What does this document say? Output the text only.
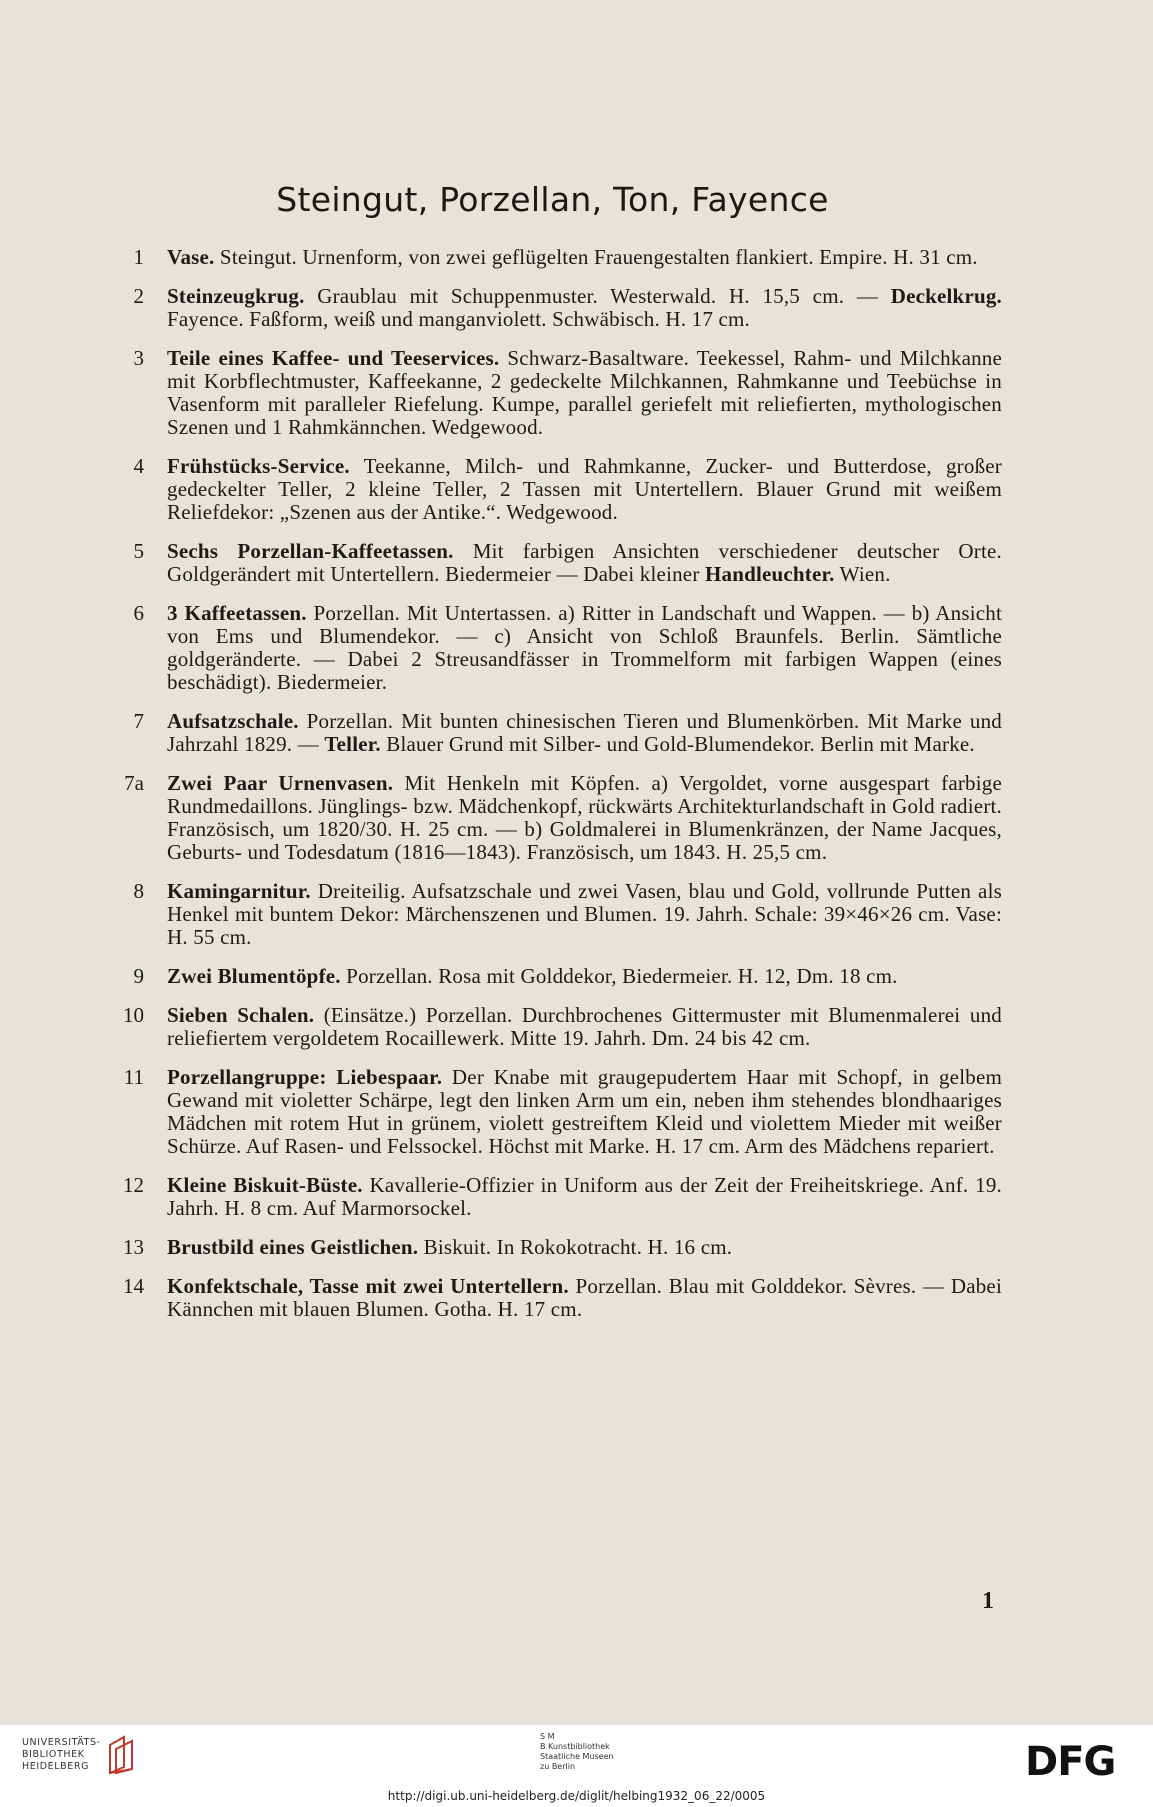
Steingut, Porzellan, Ton, Fayence
1 Vase. Steingut. Urnenform, von zwei geflügelten Frauengestalten flankiert. Empire. H. 31 cm.
2 Steinzeugkrug. Graublau mit Schuppenmuster. Westerwald. H. 15,5 cm. — Deckelkrug. Fayence. Faßform, weiß und manganviolett. Schwäbisch. H. 17 cm.
3 Teile eines Kaffee- und Teeservices. Schwarz-Basaltware. Teekessel, Rahm- und Milchkanne mit Korbflechtmuster, Kaffeekanne, 2 gedeckelte Milchkannen, Rahmkanne und Teebüchse in Vasenform mit paralleler Riefelung. Kumpe, parallel geriefelt mit reliefierten, mythologischen Szenen und 1 Rahmkännchen. Wedgewood.
4 Frühstücks-Service. Teekanne, Milch- und Rahmkanne, Zucker- und Butterdose, großer gedeckelter Teller, 2 kleine Teller, 2 Tassen mit Untertellern. Blauer Grund mit weißem Reliefdekor: „Szenen aus der Antike.“. Wedgewood.
5 Sechs Porzellan-Kaffeetassen. Mit farbigen Ansichten verschiedener deutscher Orte. Goldgerändert mit Untertellern. Biedermeier — Dabei kleiner Handleuchter. Wien.
6 3 Kaffeetassen. Porzellan. Mit Untertassen. a) Ritter in Landschaft und Wappen. — b) Ansicht von Ems und Blumendekor. — c) Ansicht von Schloß Braunfels. Berlin. Sämtliche goldgeränderte. — Dabei 2 Streusandfässer in Trommelform mit farbigen Wappen (eines beschädigt). Biedermeier.
7 Aufsatzschale. Porzellan. Mit bunten chinesischen Tieren und Blumenkörben. Mit Marke und Jahrzahl 1829. — Teller. Blauer Grund mit Silber- und Gold-Blumendekor. Berlin mit Marke.
7a Zwei Paar Urnenvasen. Mit Henkeln mit Köpfen. a) Vergoldet, vorne ausgespart farbige Rundmedaillons. Jünglings- bzw. Mädchenkopf, rückwärts Architekturlandschaft in Gold radiert. Französisch, um 1820/30. H. 25 cm. — b) Goldmalerei in Blumenkränzen, der Name Jacques, Geburts- und Todesdatum (1816—1843). Französisch, um 1843. H. 25,5 cm.
8 Kamingarnitur. Dreiteilig. Aufsatzschale und zwei Vasen, blau und Gold, vollrunde Putten als Henkel mit buntem Dekor: Märchenszenen und Blumen. 19. Jahrh. Schale: 39×46×26 cm. Vase: H. 55 cm.
9 Zwei Blumentöpfe. Porzellan. Rosa mit Golddekor, Biedermeier. H. 12, Dm. 18 cm.
10 Sieben Schalen. (Einsätze.) Porzellan. Durchbrochenes Gittermuster mit Blumenmalerei und reliefiertem vergoldetem Rocaillewerk. Mitte 19. Jahrh. Dm. 24 bis 42 cm.
11 Porzellangruppe: Liebespaar. Der Knabe mit graugepudertem Haar mit Schopf, in gelbem Gewand mit violetter Schärpe, legt den linken Arm um ein, neben ihm stehendes blondhaariges Mädchen mit rotem Hut in grünem, violett gestreiftem Kleid und violettem Mieder mit weißer Schürze. Auf Rasen- und Felssockel. Höchst mit Marke. H. 17 cm. Arm des Mädchens repariert.
12 Kleine Biskuit-Büste. Kavallerie-Offizier in Uniform aus der Zeit der Freiheitskriege. Anf. 19. Jahrh. H. 8 cm. Auf Marmorsockel.
13 Brustbild eines Geistlichen. Biskuit. In Rokokotracht. H. 16 cm.
14 Konfektschale, Tasse mit zwei Untertellern. Porzellan. Blau mit Golddekor. Sèvres. — Dabei Kännchen mit blauen Blumen. Gotha. H. 17 cm.
1
UNIVERSITÄTS-
BIBLIOTHEK
HEIDELBERG
S M
B Kunstbibliothek
Staatliche Museen
zu Berlin	DFG
http://digi.ub.uni-heidelberg.de/diglit/helbing1932_06_22/0005
